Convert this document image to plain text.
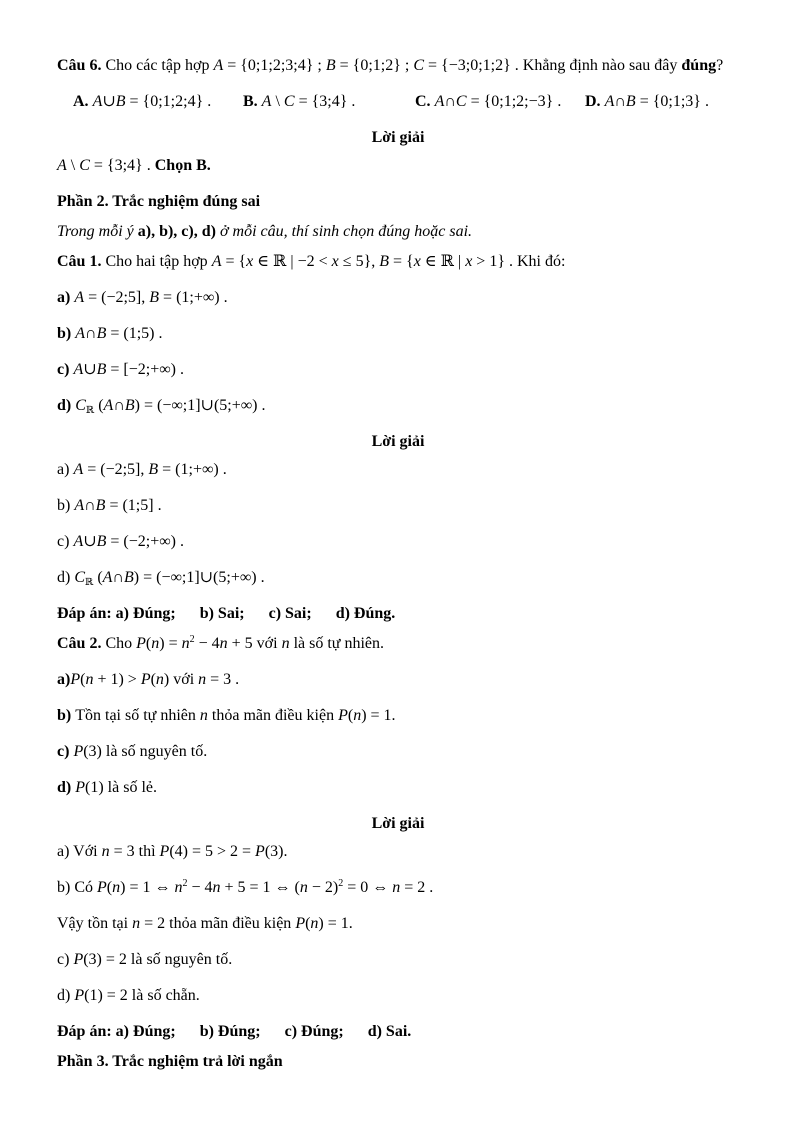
Câu 6. Cho các tập hợp A = {0;1;2;3;4} ; B = {0;1;2} ; C = {−3;0;1;2} . Khẳng định nào sau đây đúng?

A. A∪B = {0;1;2;4} . B. A \ C = {3;4} .	C. A∩C = {0;1;2;−3} . D. A∩B = {0;1;3} .

Lời giải

A \ C = {3;4} . Chọn B.

Phần 2. Trắc nghiệm đúng sai

Trong mỗi ý a), b), c), d) ở mỗi câu, thí sinh chọn đúng hoặc sai.

Câu 1. Cho hai tập hợp A = {x ∈ ℝ | −2 < x ≤ 5}, B = {x ∈ ℝ | x > 1} . Khi đó:

a) A = (−2;5], B = (1;+∞) .

b) A∩B = (1;5) .

c) A∪B = [−2;+∞) .

d) $C_ℝ$ (A∩B) = (−∞;1]∪(5;+∞) .

Lời giải

a) A = (−2;5], B = (1;+∞) .

b) A∩B = (1;5] .

c) A∪B = (−2;+∞) .

d) $C_ℝ$ (A∩B) = (−∞;1]∪(5;+∞) .

Đáp án: a) Đúng; b) Sai; c) Sai; d) Đúng.

Câu 2. Cho $P(n) = n^2 - 4n + 5$ với n là số tự nhiên.

a)P(n + 1) > P(n) với n = 3 .

b) Tồn tại số tự nhiên n thỏa mãn điều kiện P(n) = 1.

c) P(3) là số nguyên tố.

d) P(1) là số lẻ.

Lời giải

a) Với n = 3 thì P(4) = 5 > 2 = P(3).

b) Có P(n) = 1 ⇔ $n^2 - 4n + 5 = 1$ ⇔ $(n - 2)^2 = 0$ ⇔ n = 2 .

Vậy tồn tại n = 2 thỏa mãn điều kiện P(n) = 1.

c) P(3) = 2 là số nguyên tố.

d) P(1) = 2 là số chẵn.

Đáp án: a) Đúng; b) Đúng; c) Đúng; d) Sai.

Phần 3. Trắc nghiệm trả lời ngắn
